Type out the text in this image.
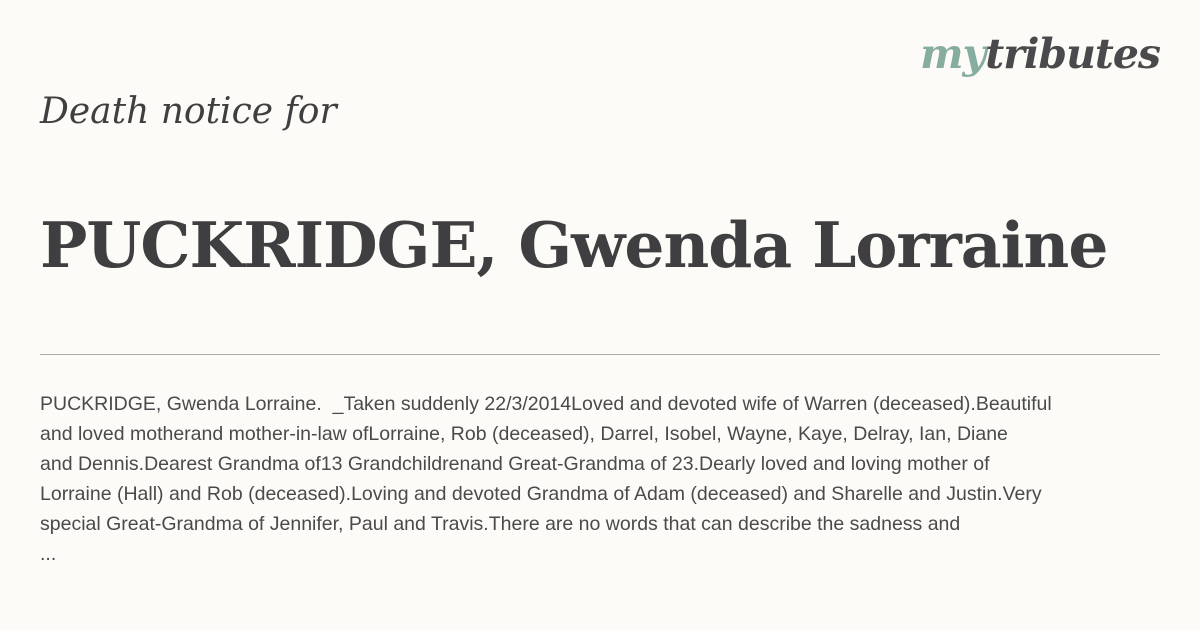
mytributes
Death notice for
PUCKRIDGE, Gwenda Lorraine
PUCKRIDGE, Gwenda Lorraine.  _Taken suddenly 22/3/2014Loved and devoted wife of Warren (deceased).Beautiful
and loved motherand mother-in-law ofLorraine, Rob (deceased), Darrel, Isobel, Wayne, Kaye, Delray, Ian, Diane
and Dennis.Dearest Grandma of13 Grandchildrenand Great-Grandma of 23.Dearly loved and loving mother of
Lorraine (Hall) and Rob (deceased).Loving and devoted Grandma of Adam (deceased) and Sharelle and Justin.Very
special Great-Grandma of Jennifer, Paul and Travis.There are no words that can describe the sadness and
...
